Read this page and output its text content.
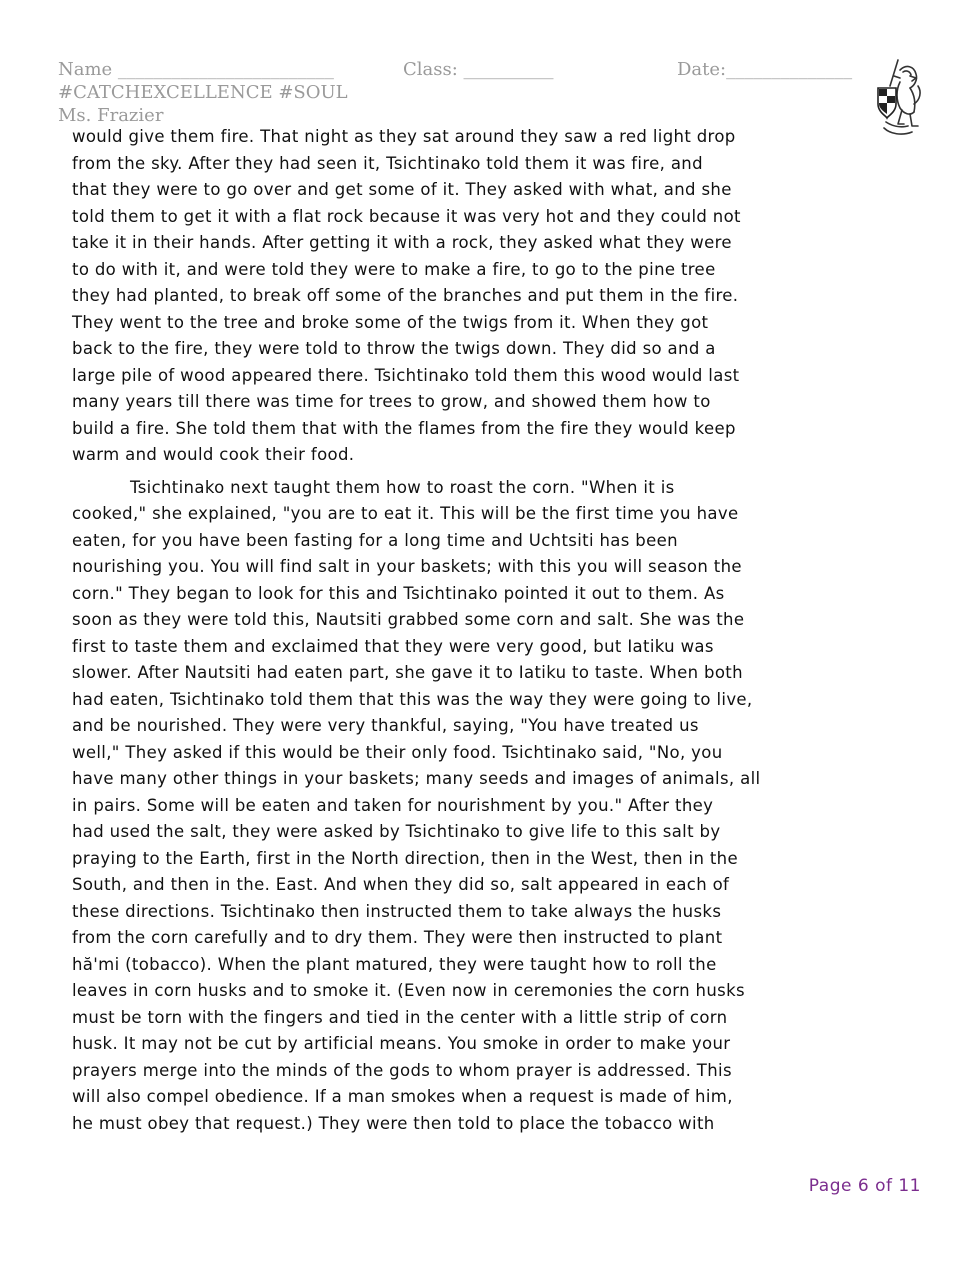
Name ________________________	Class: __________	Date:______________
#CATCHEXCELLENCE #SOUL
Ms. Frazier

would give them fire. That night as they sat around they saw a red light drop
from the sky. After they had seen it, Tsichtinako told them it was fire, and
that they were to go over and get some of it. They asked with what, and she
told them to get it with a flat rock because it was very hot and they could not
take it in their hands. After getting it with a rock, they asked what they were
to do with it, and were told they were to make a fire, to go to the pine tree
they had planted, to break off some of the branches and put them in the fire.
They went to the tree and broke some of the twigs from it. When they got
back to the fire, they were told to throw the twigs down. They did so and a
large pile of wood appeared there. Tsichtinako told them this wood would last
many years till there was time for trees to grow, and showed them how to
build a fire. She told them that with the flames from the fire they would keep
warm and would cook their food.

Tsichtinako next taught them how to roast the corn. "When it is
cooked," she explained, "you are to eat it. This will be the first time you have
eaten, for you have been fasting for a long time and Uchtsiti has been
nourishing you. You will find salt in your baskets; with this you will season the
corn." They began to look for this and Tsichtinako pointed it out to them. As
soon as they were told this, Nautsiti grabbed some corn and salt. She was the
first to taste them and exclaimed that they were very good, but Iatiku was
slower. After Nautsiti had eaten part, she gave it to Iatiku to taste. When both
had eaten, Tsichtinako told them that this was the way they were going to live,
and be nourished. They were very thankful, saying, "You have treated us
well," They asked if this would be their only food. Tsichtinako said, "No, you
have many other things in your baskets; many seeds and images of animals, all
in pairs. Some will be eaten and taken for nourishment by you." After they
had used the salt, they were asked by Tsichtinako to give life to this salt by
praying to the Earth, first in the North direction, then in the West, then in the
South, and then in the. East. And when they did so, salt appeared in each of
these directions. Tsichtinako then instructed them to take always the husks
from the corn carefully and to dry them. They were then instructed to plant
hă'mi (tobacco). When the plant matured, they were taught how to roll the
leaves in corn husks and to smoke it. (Even now in ceremonies the corn husks
must be torn with the fingers and tied in the center with a little strip of corn
husk. It may not be cut by artificial means. You smoke in order to make your
prayers merge into the minds of the gods to whom prayer is addressed. This
will also compel obedience. If a man smokes when a request is made of him,
he must obey that request.) They were then told to place the tobacco with

Page 6 of 11
